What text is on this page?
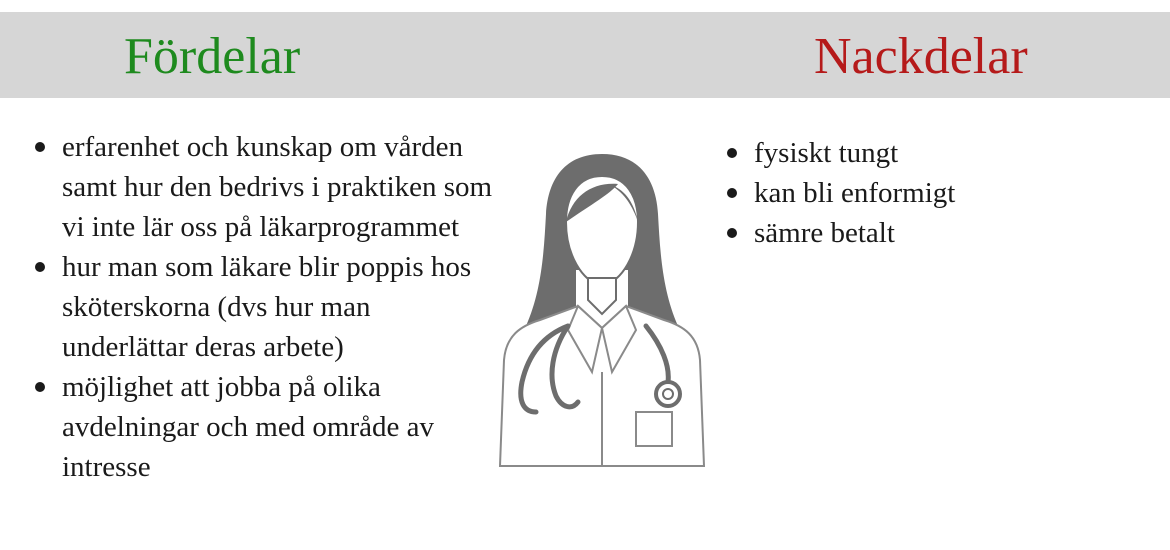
Fördelar	Nackdelar
erfarenhet och kunskap om vården samt hur den bedrivs i praktiken som vi inte lär oss på läkarprogrammet
hur man som läkare blir poppis hos sköterskorna (dvs hur man underlättar deras arbete)
möjlighet att jobba på olika avdelningar och med område av intresse
fysiskt tungt
kan bli enformigt
sämre betalt
